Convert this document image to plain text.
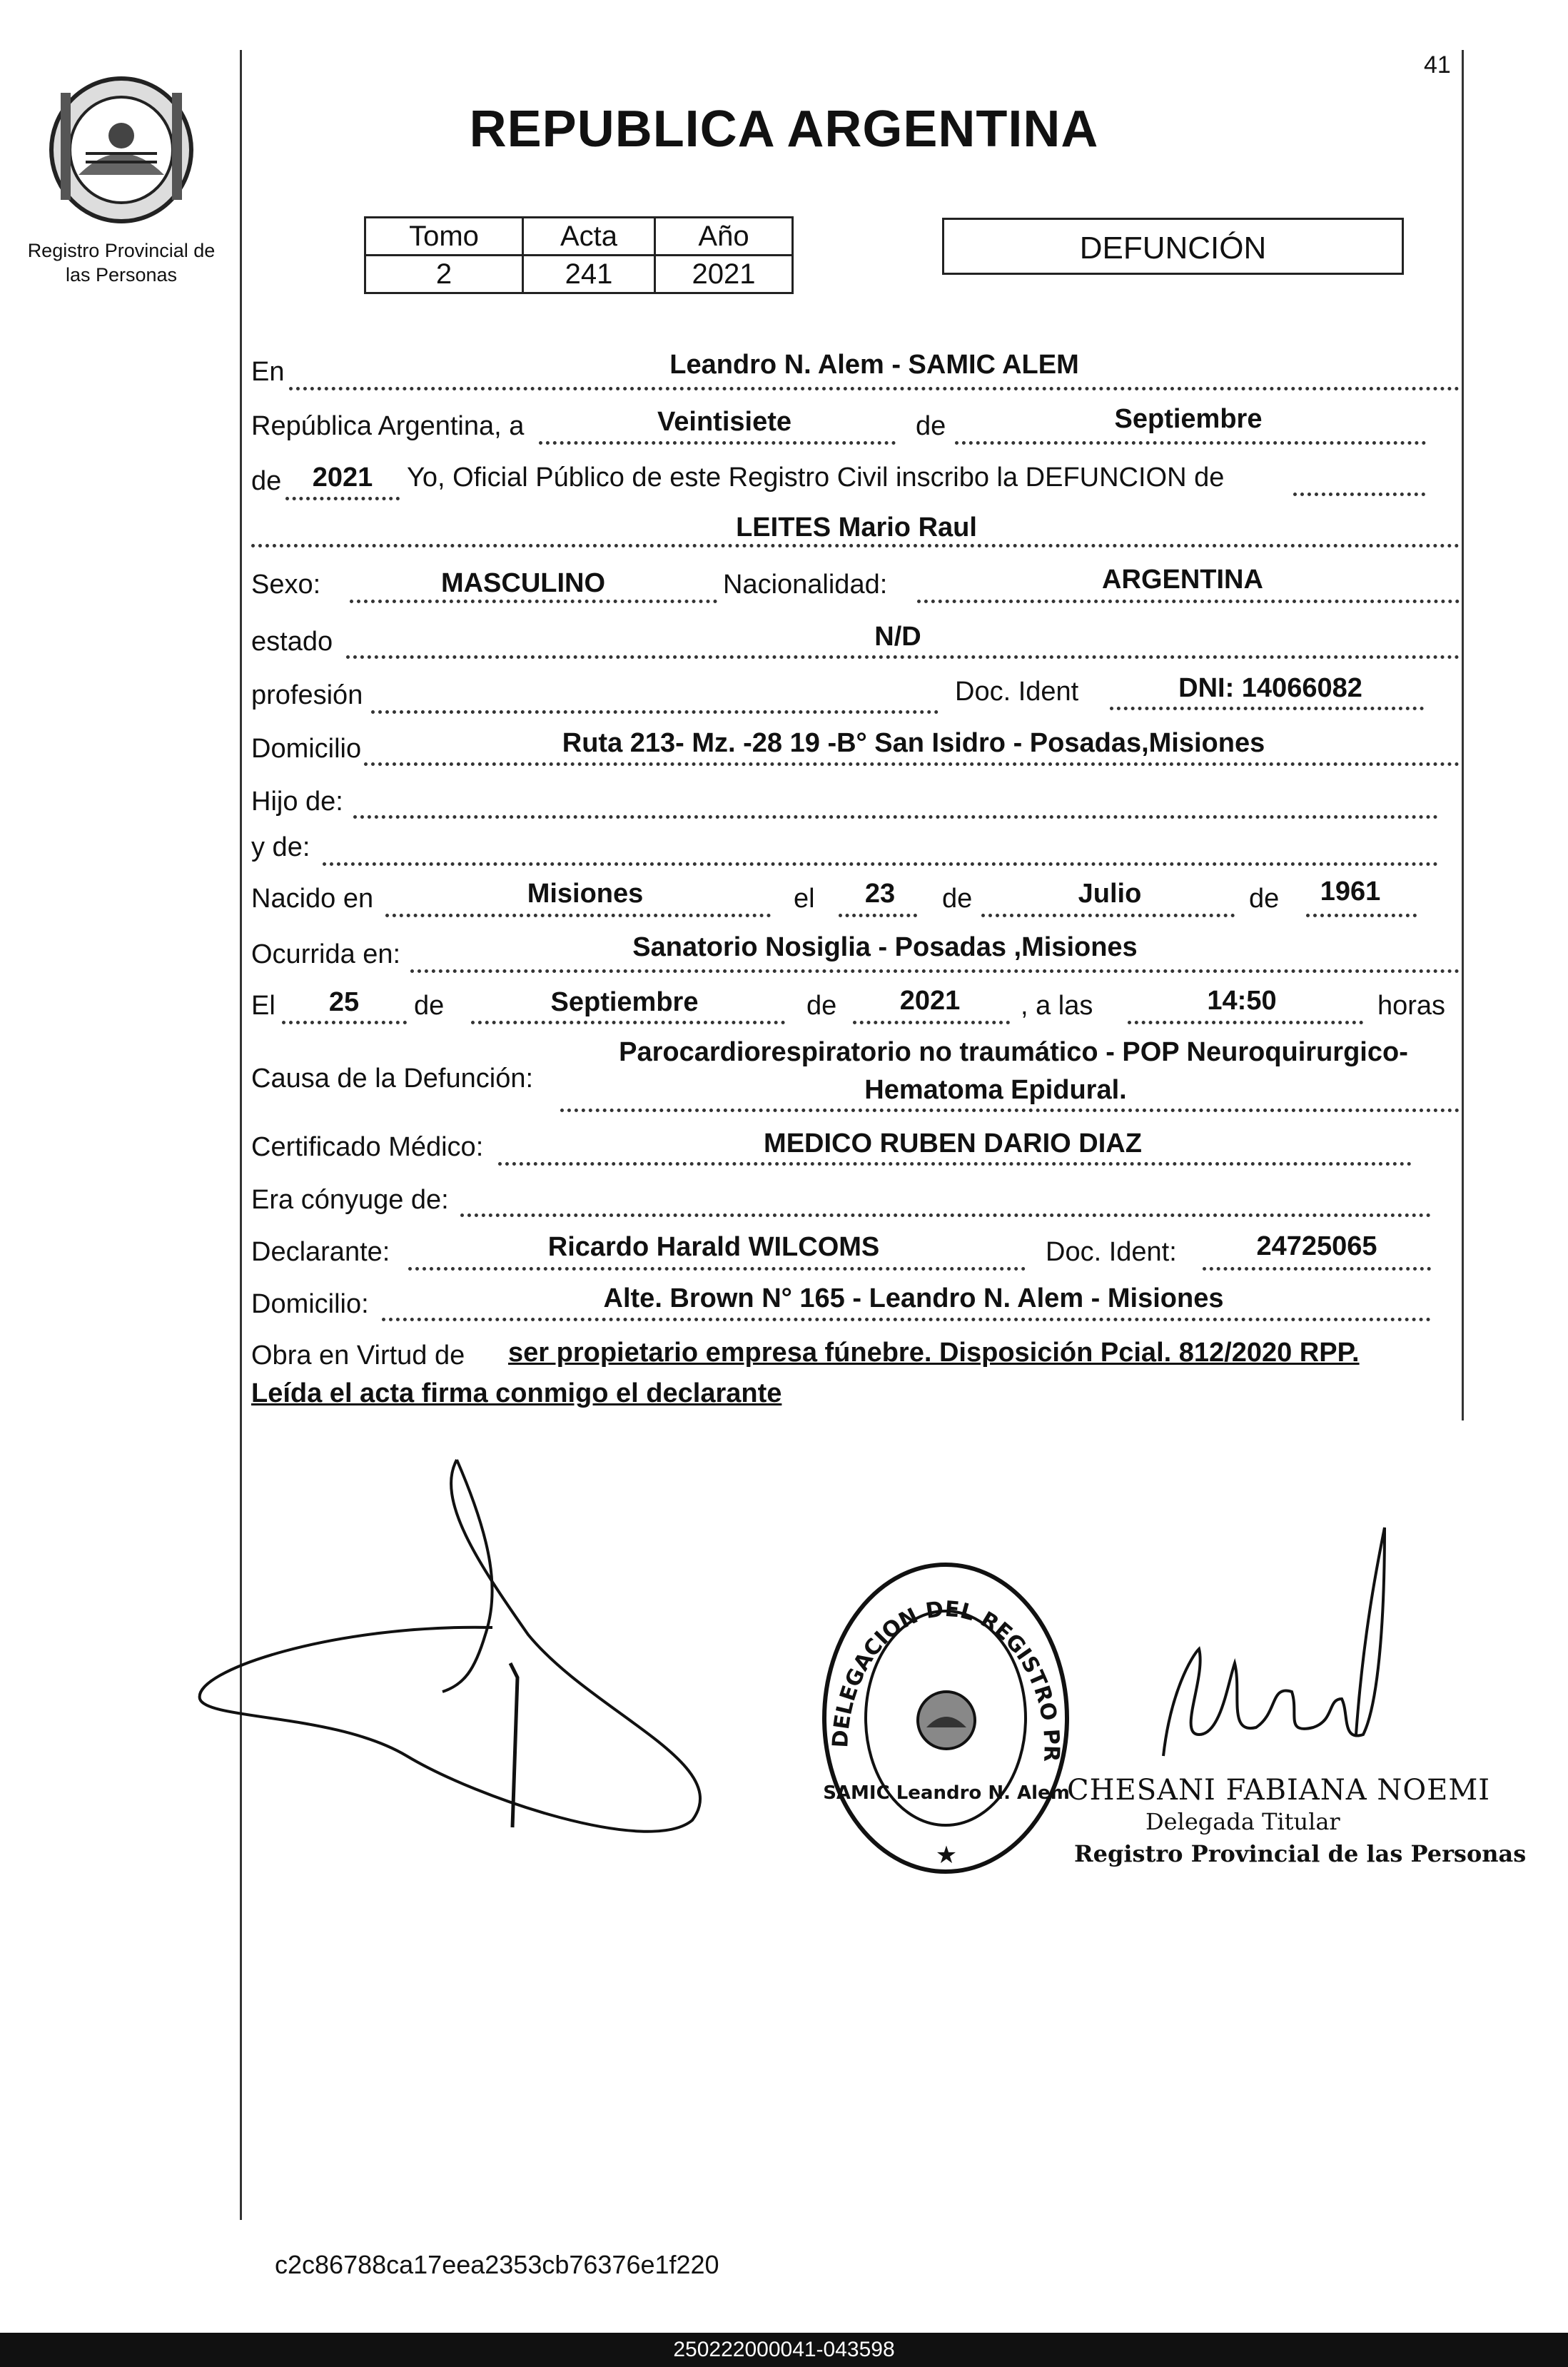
41
Registro Provincial de las Personas
REPUBLICA ARGENTINA
Tomo	Acta	Año
2	241	2021
DEFUNCIÓN
En	Leandro N. Alem - SAMIC ALEM
República Argentina, a	Veintisiete	de	Septiembre
de 2021 Yo, Oficial Público de este Registro Civil inscribo la DEFUNCION de
LEITES Mario Raul
Sexo:	MASCULINO	Nacionalidad:	ARGENTINA
estado	N/D
profesión	Doc. Ident	DNI: 14066082
Domicilio	Ruta 213- Mz. -28 19 -B° San Isidro - Posadas,Misiones
Hijo de:
y de:
Nacido en	Misiones	el 23 de	Julio	de 1961
Ocurrida en:	Sanatorio Nosiglia - Posadas ,Misiones
El 25 de	Septiembre	de 2021 , a las	14:50	horas
Causa de la Defunción:
Parocardiorespiratorio no traumático - POP Neuroquirurgico-
Hematoma Epidural.
Certificado Médico:	MEDICO RUBEN DARIO DIAZ
Era cónyuge de:
Declarante:	Ricardo Harald WILCOMS	Doc. Ident:	24725065
Domicilio:	Alte. Brown N° 165 - Leandro N. Alem - Misiones
Obra en Virtud de ser propietario empresa fúnebre. Disposición Pcial. 812/2020 RPP.
Leída el acta firma conmigo el declarante
DELEGACION DEL REGISTRO PR
SAMIC Leandro N. Alem
★
CHESANI FABIANA NOEMI
Delegada Titular
Registro Provincial de las Personas
c2c86788ca17eea2353cb76376e1f220
250222000041-043598
